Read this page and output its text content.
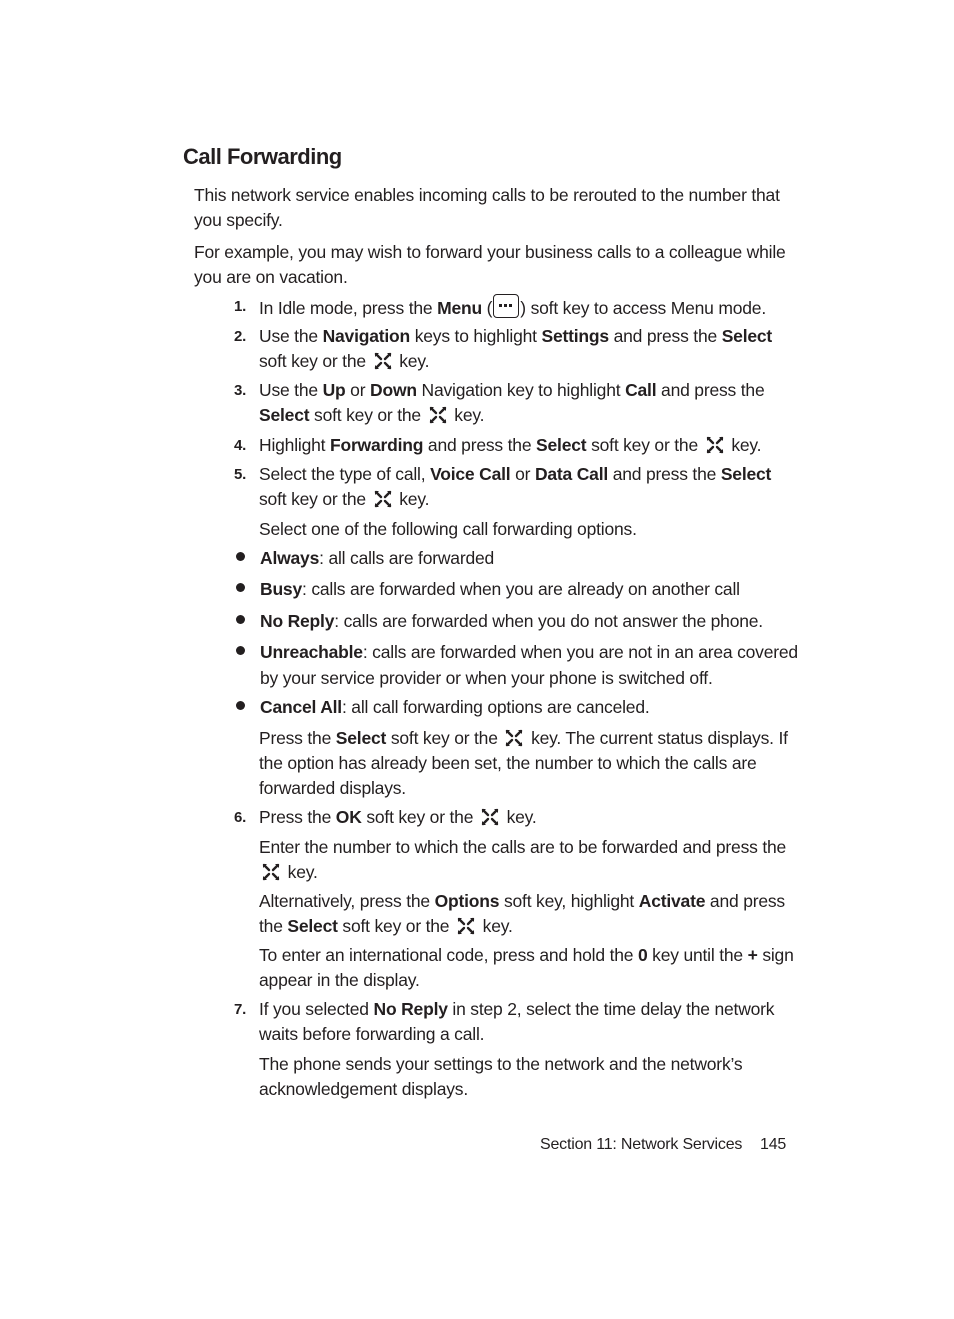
Call Forwarding

This network service enables incoming calls to be rerouted to the number that you specify.

For example, you may wish to forward your business calls to a colleague while you are on vacation.

1. In Idle mode, press the Menu ( ) soft key to access Menu mode.
2. Use the Navigation keys to highlight Settings and press the Select soft key or the  key.
3. Use the Up or Down Navigation key to highlight Call and press the Select soft key or the  key.
4. Highlight Forwarding and press the Select soft key or the  key.
5. Select the type of call, Voice Call or Data Call and press the Select soft key or the  key.
Select one of the following call forwarding options.
Always: all calls are forwarded
Busy: calls are forwarded when you are already on another call
No Reply: calls are forwarded when you do not answer the phone.
Unreachable: calls are forwarded when you are not in an area covered by your service provider or when your phone is switched off.
Cancel All: all call forwarding options are canceled.
Press the Select soft key or the  key. The current status displays. If the option has already been set, the number to which the calls are forwarded displays.
6. Press the OK soft key or the  key.
Enter the number to which the calls are to be forwarded and press the  key.
Alternatively, press the Options soft key, highlight Activate and press the Select soft key or the  key.
To enter an international code, press and hold the 0 key until the + sign appear in the display.
7. If you selected No Reply in step 2, select the time delay the network waits before forwarding a call.
The phone sends your settings to the network and the network’s acknowledgement displays.
Section 11: Network Services 145
